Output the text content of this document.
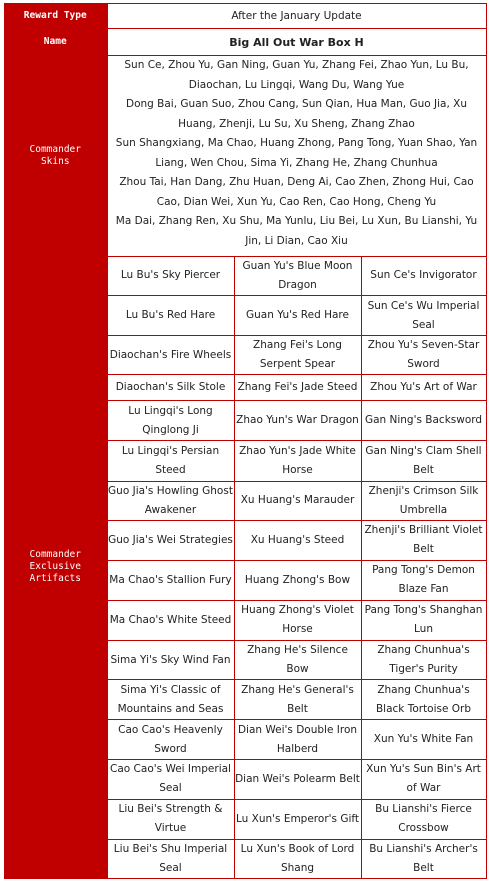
Reward Type	After the January Update		
Name	Big All Out War Box H		
Commander Skins	Sun Ce, Zhou Yu, Gan Ning, Guan Yu, Zhang Fei, Zhao Yun, Lu Bu, Diaochan, Lu Lingqi, Wang Du, Wang Yue
Dong Bai, Guan Suo, Zhou Cang, Sun Qian, Hua Man, Guo Jia, Xu Huang, Zhenji, Lu Su, Xu Sheng, Zhang Zhao
Sun Shangxiang, Ma Chao, Huang Zhong, Pang Tong, Yuan Shao, Yan Liang, Wen Chou, Sima Yi, Zhang He, Zhang Chunhua
Zhou Tai, Han Dang, Zhu Huan, Deng Ai, Cao Zhen, Zhong Hui, Cao Cao, Dian Wei, Xun Yu, Cao Ren, Cao Hong, Cheng Yu
Ma Dai, Zhang Ren, Xu Shu, Ma Yunlu, Liu Bei, Lu Xun, Bu Lianshi, Yu Jin, Li Dian, Cao Xiu		

Commander Exclusive Artifacts	Lu Bu's Sky Piercer	Guan Yu's Blue Moon Dragon	Sun Ce's Invigorator
	Lu Bu's Red Hare	Guan Yu's Red Hare	Sun Ce's Wu Imperial Seal
	Diaochan's Fire Wheels	Zhang Fei's Long Serpent Spear	Zhou Yu's Seven-Star Sword
	Diaochan's Silk Stole	Zhang Fei's Jade Steed	Zhou Yu's Art of War
	Lu Lingqi's Long Qinglong Ji	Zhao Yun's War Dragon	Gan Ning's Backsword
	Lu Lingqi's Persian Steed	Zhao Yun's Jade White Horse	Gan Ning's Clam Shell Belt
	Guo Jia's Howling Ghost Awakener	Xu Huang's Marauder	Zhenji's Crimson Silk Umbrella
	Guo Jia's Wei Strategies	Xu Huang's Steed	Zhenji's Brilliant Violet Belt
	Ma Chao's Stallion Fury	Huang Zhong's Bow	Pang Tong's Demon Blaze Fan
	Ma Chao's White Steed	Huang Zhong's Violet Horse	Pang Tong's Shanghan Lun
	Sima Yi's Sky Wind Fan	Zhang He's Silence Bow	Zhang Chunhua's Tiger's Purity
	Sima Yi's Classic of Mountains and Seas	Zhang He's General's Belt	Zhang Chunhua's Black Tortoise Orb
	Cao Cao's Heavenly Sword	Dian Wei's Double Iron Halberd	Xun Yu's White Fan
	Cao Cao's Wei Imperial Seal	Dian Wei's Polearm Belt	Xun Yu's Sun Bin's Art of War
	Liu Bei's Strength & Virtue	Lu Xun's Emperor's Gift	Bu Lianshi's Fierce Crossbow
	Liu Bei's Shu Imperial Seal	Lu Xun's Book of Lord Shang	Bu Lianshi's Archer's Belt
